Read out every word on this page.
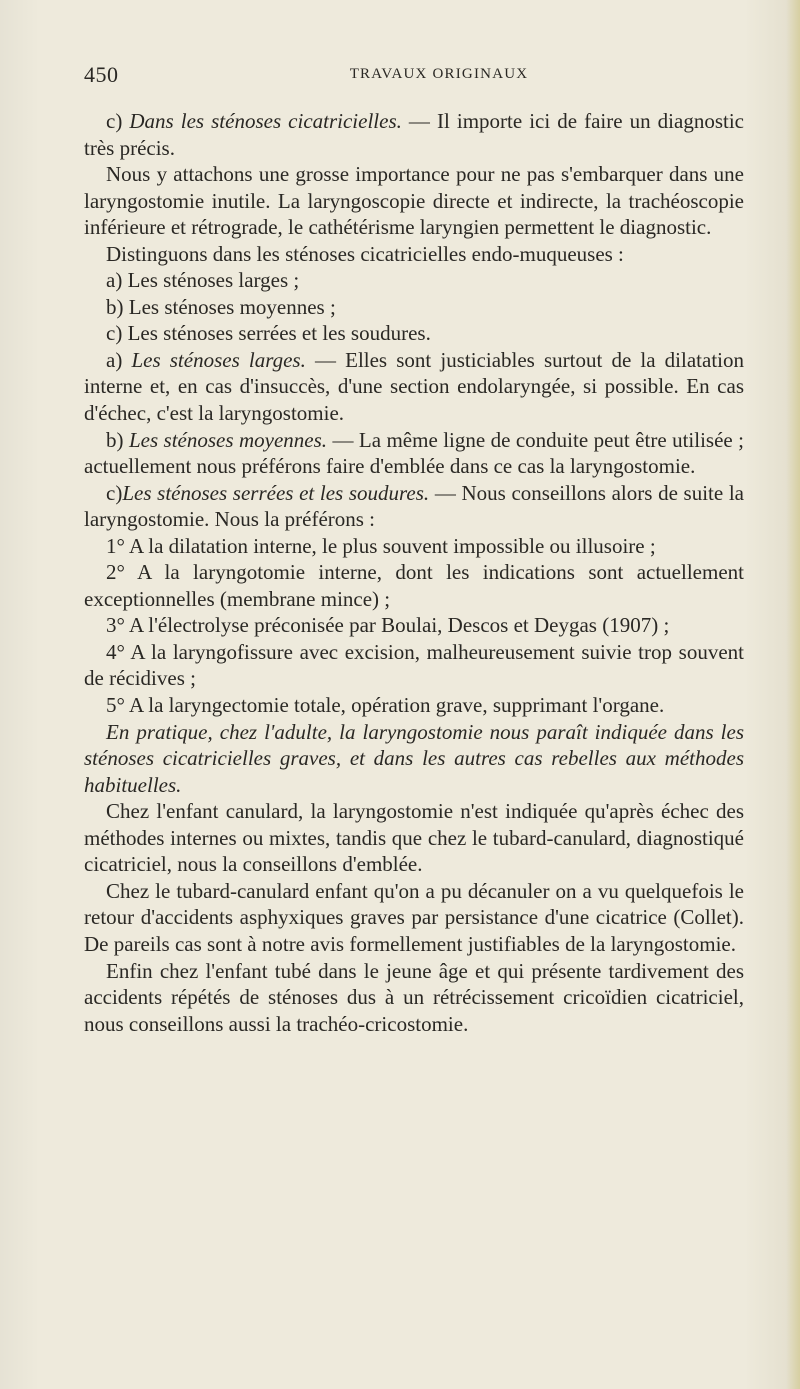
450	TRAVAUX ORIGINAUX

c) Dans les sténoses cicatricielles. — Il importe ici de faire un diagnostic très précis.

Nous y attachons une grosse importance pour ne pas s'embarquer dans une laryngostomie inutile. La laryngoscopie directe et indirecte, la trachéoscopie inférieure et rétrograde, le cathétérisme laryngien permettent le diagnostic.

Distinguons dans les sténoses cicatricielles endo-muqueuses :

a) Les sténoses larges ;

b) Les sténoses moyennes ;

c) Les sténoses serrées et les soudures.

a) Les sténoses larges. — Elles sont justiciables surtout de la dilatation interne et, en cas d'insuccès, d'une section endolaryngée, si possible. En cas d'échec, c'est la laryngostomie.

b) Les sténoses moyennes. — La même ligne de conduite peut être utilisée ; actuellement nous préférons faire d'emblée dans ce cas la laryngostomie.

c)Les sténoses serrées et les soudures. — Nous conseillons alors de suite la laryngostomie. Nous la préférons :

1° A la dilatation interne, le plus souvent impossible ou illusoire ;

2° A la laryngotomie interne, dont les indications sont actuellement exceptionnelles (membrane mince) ;

3° A l'électrolyse préconisée par Boulai, Descos et Deygas (1907) ;

4° A la laryngofissure avec excision, malheureusement suivie trop souvent de récidives ;

5° A la laryngectomie totale, opération grave, supprimant l'organe.

En pratique, chez l'adulte, la laryngostomie nous paraît indiquée dans les sténoses cicatricielles graves, et dans les autres cas rebelles aux méthodes habituelles.

Chez l'enfant canulard, la laryngostomie n'est indiquée qu'après échec des méthodes internes ou mixtes, tandis que chez le tubard-canulard, diagnostiqué cicatriciel, nous la conseillons d'emblée.

Chez le tubard-canulard enfant qu'on a pu décanuler on a vu quelquefois le retour d'accidents asphyxiques graves par persistance d'une cicatrice (Collet). De pareils cas sont à notre avis formellement justifiables de la laryngostomie.

Enfin chez l'enfant tubé dans le jeune âge et qui présente tardivement des accidents répétés de sténoses dus à un rétrécissement cricoïdien cicatriciel, nous conseillons aussi la trachéo-cricostomie.
